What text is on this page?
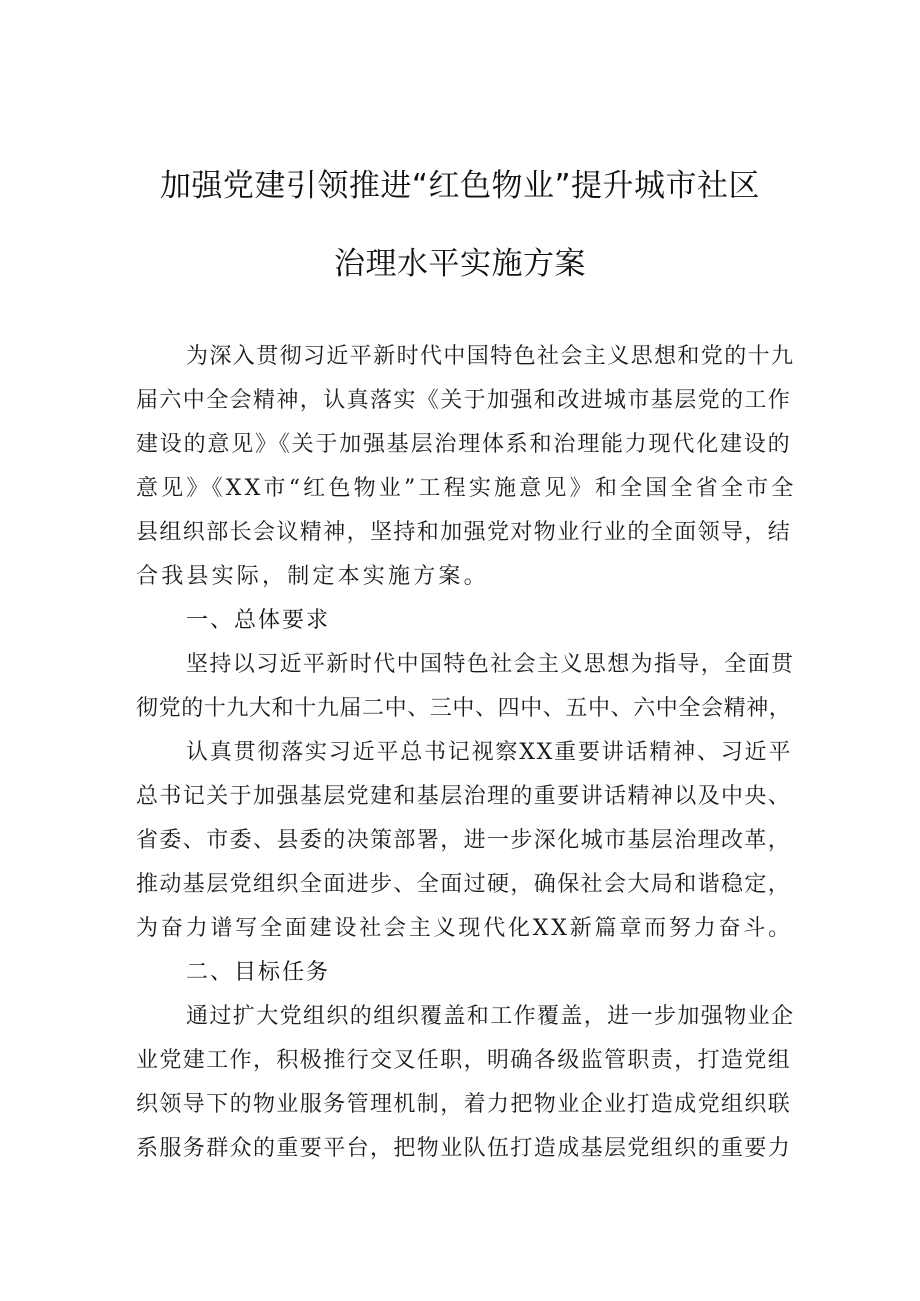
加强党建引领推进“红色物业”提升城市社区
治理水平实施方案
为深入贯彻习近平新时代中国特色社会主义思想和党的十九
届六中全会精神，认真落实《关于加强和改进城市基层党的工作
建设的意见》《关于加强基层治理体系和治理能力现代化建设的
意见》《XX市“红色物业”工程实施意见》和全国全省全市全
县组织部长会议精神，坚持和加强党对物业行业的全面领导，结
合我县实际，制定本实施方案。
一、总体要求
坚持以习近平新时代中国特色社会主义思想为指导，全面贯
彻党的十九大和十九届二中、三中、四中、五中、六中全会精神，
认真贯彻落实习近平总书记视察XX重要讲话精神、习近平
总书记关于加强基层党建和基层治理的重要讲话精神以及中央、
省委、市委、县委的决策部署，进一步深化城市基层治理改革，
推动基层党组织全面进步、全面过硬，确保社会大局和谐稳定，
为奋力谱写全面建设社会主义现代化XX新篇章而努力奋斗。
二、目标任务
通过扩大党组织的组织覆盖和工作覆盖，进一步加强物业企
业党建工作，积极推行交叉任职，明确各级监管职责，打造党组
织领导下的物业服务管理机制，着力把物业企业打造成党组织联
系服务群众的重要平台，把物业队伍打造成基层党组织的重要力
